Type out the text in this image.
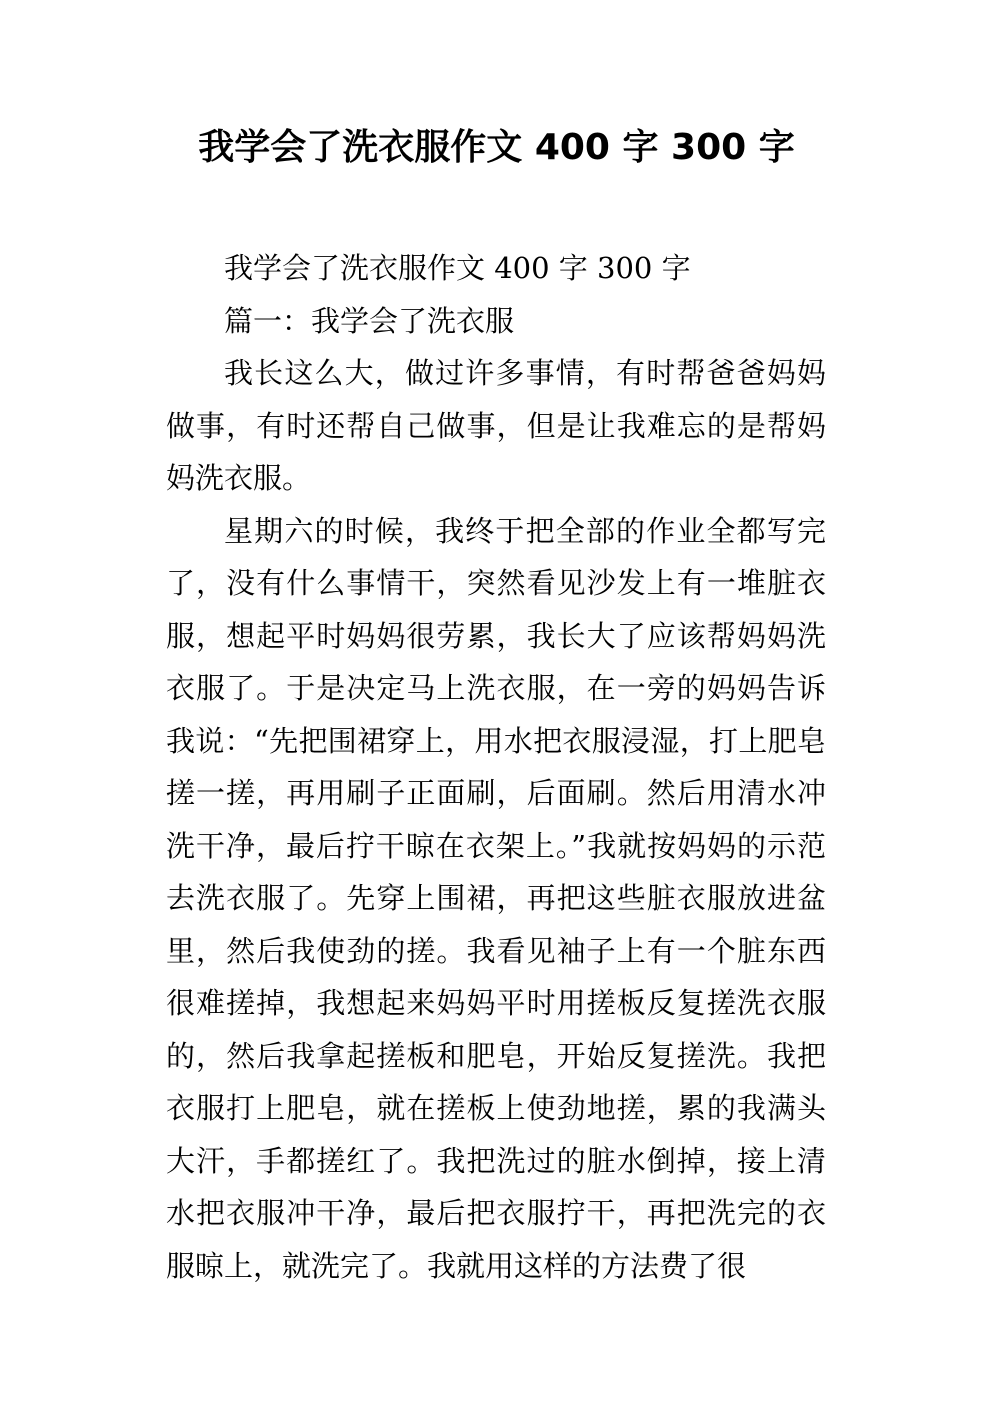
我学会了洗衣服作文 400 字 300 字

我学会了洗衣服作文 400 字 300 字

篇一：我学会了洗衣服

我长这么大，做过许多事情，有时帮爸爸妈妈做事，有时还帮自己做事，但是让我难忘的是帮妈妈洗衣服。

星期六的时候，我终于把全部的作业全都写完了，没有什么事情干，突然看见沙发上有一堆脏衣服，想起平时妈妈很劳累，我长大了应该帮妈妈洗衣服了。于是决定马上洗衣服，在一旁的妈妈告诉我说：“先把围裙穿上，用水把衣服浸湿，打上肥皂搓一搓，再用刷子正面刷，后面刷。然后用清水冲洗干净，最后拧干晾在衣架上。”我就按妈妈的示范去洗衣服了。先穿上围裙，再把这些脏衣服放进盆里，然后我使劲的搓。我看见袖子上有一个脏东西很难搓掉，我想起来妈妈平时用搓板反复搓洗衣服的，然后我拿起搓板和肥皂，开始反复搓洗。我把衣服打上肥皂，就在搓板上使劲地搓，累的我满头大汗，手都搓红了。我把洗过的脏水倒掉，接上清水把衣服冲干净，最后把衣服拧干，再把洗完的衣服晾上，就洗完了。我就用这样的方法费了很
